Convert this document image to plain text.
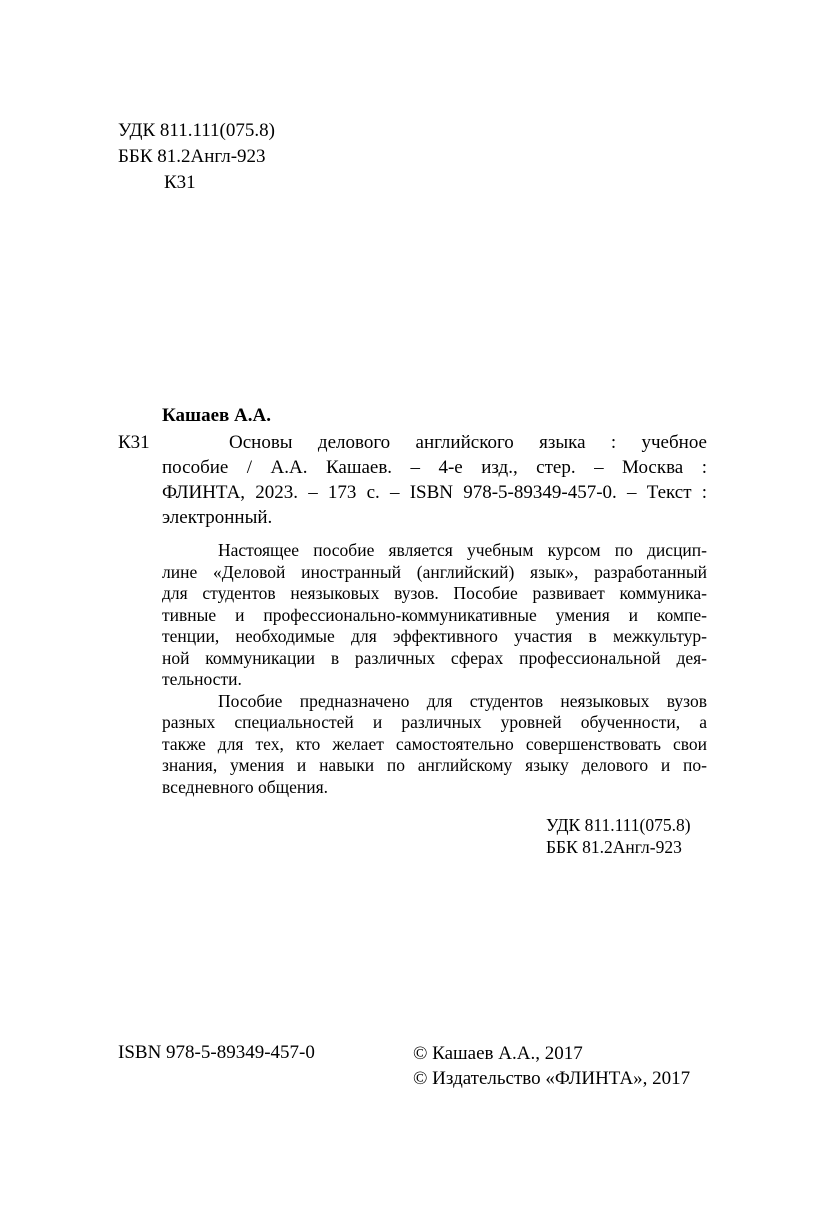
УДК 811.111(075.8)
ББК 81.2Англ-923
К31
Кашаев А.А.
К31	Основы делового английского языка : учебное
пособие / А.А. Кашаев. – 4-е изд., стер. – Москва :
ФЛИНТА, 2023. – 173 с. – ISBN 978-5-89349-457-0. – Текст :
электронный.
Настоящее пособие является учебным курсом по дисцип-
лине «Деловой иностранный (английский) язык», разработанный
для студентов неязыковых вузов. Пособие развивает коммуника-
тивные и профессионально-коммуникативные умения и компе-
тенции, необходимые для эффективного участия в межкультур-
ной коммуникации в различных сферах профессиональной дея-
тельности.
Пособие предназначено для студентов неязыковых вузов
разных специальностей и различных уровней обученности, а
также для тех, кто желает самостоятельно совершенствовать свои
знания, умения и навыки по английскому языку делового и по-
вседневного общения.
УДК 811.111(075.8)
ББК 81.2Англ-923
ISBN 978-5-89349-457-0	© Кашаев А.А., 2017
© Издательство «ФЛИНТА», 2017
